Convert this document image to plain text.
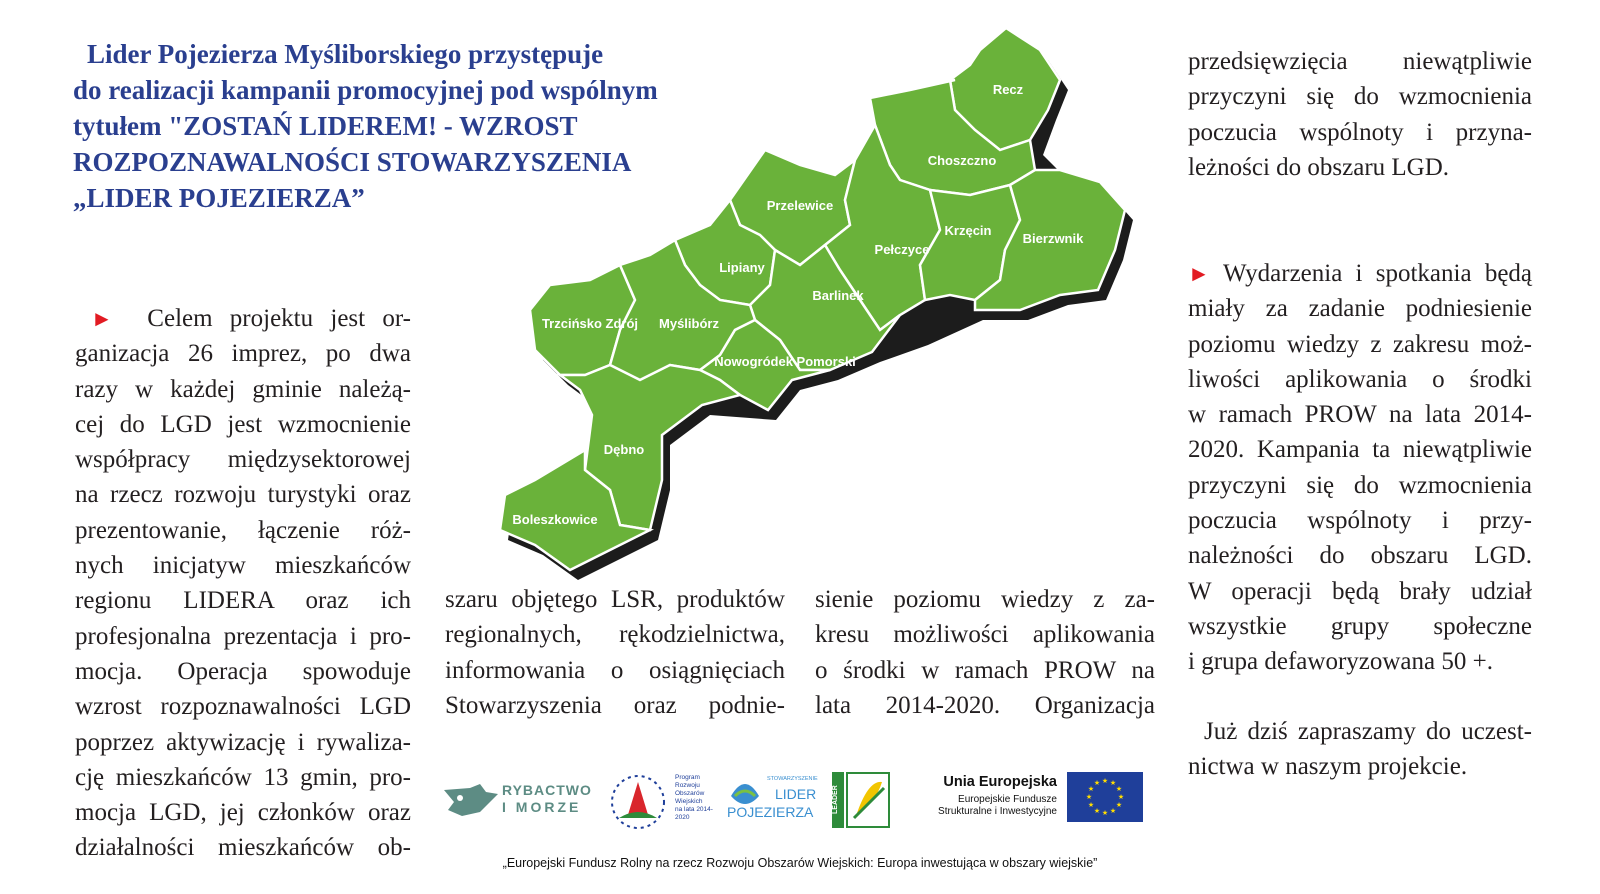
Lider Pojezierza Myśliborskiego przystępuje
do realizacji kampanii promocyjnej pod wspólnym
tytułem "ZOSTAŃ LIDEREM! - WZROST
ROZPOZNAWALNOŚCI STOWARZYSZENIA
„LIDER POJEZIERZA”
► Celem projektu jest or-
ganizacja 26 imprez, po dwa
razy w każdej gminie należą-
cej do LGD jest wzmocnienie
współpracy międzysektorowej
na rzecz rozwoju turystyki oraz
prezentowanie, łączenie róż-
nych inicjatyw mieszkańców
regionu LIDERA oraz ich
profesjonalna prezentacja i pro-
mocja. Operacja spowoduje
wzrost rozpoznawalności LGD
poprzez aktywizację i rywaliza-
cję mieszkańców 13 gmin, pro-
mocja LGD, jej członków oraz
działalności mieszkańców ob-
szaru objętego LSR, produktów
regionalnych, rękodzielnictwa,
informowania o osiągnięciach
Stowarzyszenia oraz podnie-
sienie poziomu wiedzy z za-
kresu możliwości aplikowania
o środki w ramach PROW na
lata 2014-2020. Organizacja
przedsięwzięcia niewątpliwie
przyczyni się do wzmocnienia
poczucia wspólnoty i przyna-
leżności do obszaru LGD.
► Wydarzenia i spotkania będą
miały za zadanie podniesienie
poziomu wiedzy z zakresu moż-
liwości aplikowania o środki
w ramach PROW na lata 2014-
2020. Kampania ta niewątpliwie
przyczyni się do wzmocnienia
poczucia wspólnoty i przy-
należności do obszaru LGD.
W operacji będą brały udział
wszystkie grupy społeczne
i grupa defaworyzowana 50 +.
Już dziś zapraszamy do uczest-
nictwa w naszym projekcie.
Recz
Choszczno
Przelewice
Pełczyce
Krzęcin
Bierzwnik
Lipiany
Barlinek
Trzcińsko Zdrój Myślibórz
Nowogródek Pomorski
Dębno
Boleszkowice
RYBACTWO
I MORZE
Program
Rozwoju
Obszarów
Wiejskich
na lata 2014-2020
STOWARZYSZENIE
LIDER
POJEZIERZA	LEADER
Unia Europejska
Europejskie Fundusze
Strukturalne i Inwestycyjne
★ ★
★
★
★
★
★
★
★
★
★
★
„Europejski Fundusz Rolny na rzecz Rozwoju Obszarów Wiejskich: Europa inwestująca w obszary wiejskie”
